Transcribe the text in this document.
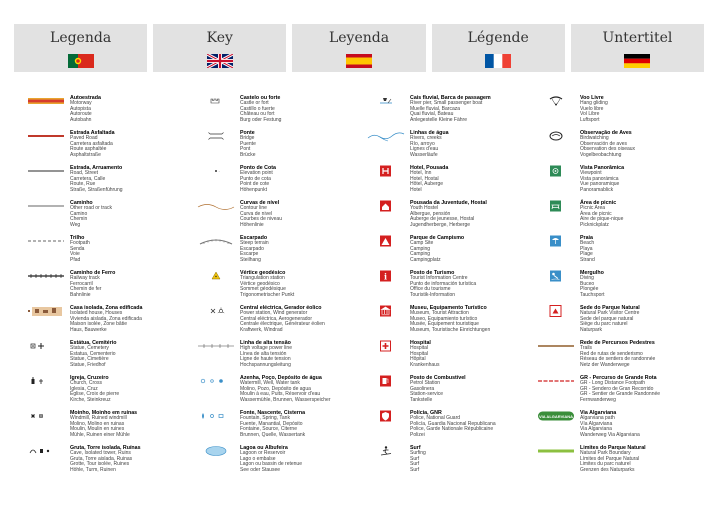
Legenda	Key	Leyenda	Légende	Untertitel
Autoestrada
Motorway
Autopista
Autoroute
Autobahn
Estrada Asfaltada
Paved Road
Carretera asfaltada
Route asphaltée
Asphaltstraße
Estrada, Arruamento
Road, Street
Carretera, Calle
Route, Rue
Straße, Straßenführung
Caminho
Other road or track
Camino
Chemin
Weg
Trilho
Footpath
Senda
Voie
Pfad
Caminho de Ferro
Railway track
Ferrocarril
Chemin de fer
Bahnlinie
Casa isolada, Zona edificada
Isolated house, Houses
Vivienda aislada, Zona edificada
Maison isolée, Zone bâtie
Haus, Bauwerke
Estátua, Cemitério
Statue, Cemetery
Estatua, Cementerio
Statue, Cimetière
Statue, Friedhof
Igreja, Cruzeiro
Church, Cross
Iglesia, Cruz
Église, Croix de pierre
Kirche, Steinkreuz
Moinho, Moinho em ruínas
Windmill, Ruined windmill
Molino, Molino en ruinas
Moulin, Moulin en ruines
Mühle, Ruinen einer Mühle
Gruta, Torre isolada, Ruínas
Cave, Isolated tower, Ruins
Gruta, Torre aislada, Ruinas
Grotte, Tour isolée, Ruines
Höhle, Turm, Ruinen
Castelo ou forte
Castle or fort
Castillo o fuerte
Château ou fort
Burg oder Festung
Ponte
Bridge
Puente
Pont
Brücke
·
Ponto de Cota
Elevation point
Punto de cota
Point de cote
Höhenpunkt
Curvas de nível
Contour line
Curva de nivel
Courbes de niveau
Höhenlinie
Escarpado
Steep terrain
Escarpado
Escarpe
Steilhang
Vértice geodésico
Triangulation station
Vértice geodésico
Sommet géodésique
Trigonometrischer Punkt
Central eléctrica, Gerador éolico
Power station, Wind generator
Central eléctrica, Aerogenerador
Centrale électrique, Générateur éolien
Kraftwerk, Windrad
Linha de alta tensão
High voltage power line
Línea de alta tensión
Ligne de haute tension
Hochspannungsleitung
Azenha, Poço, Depósito de água
Watermill, Well, Water tank
Molino, Pozo, Depósito de agua
Moulin à eau, Puits, Réservoir d'eau
Wassermühle, Brunnen, Wasserspeicher
Fonte, Nascente, Cisterna
Fountain, Spring, Tank
Fuente, Manantial, Depósito
Fontaine, Source, Citerne
Brunnen, Quelle, Wassertank
Lagoa ou Albufeira
Lagoon or Reservoir
Lago o embalse
Lagon ou bassin de retenue
See oder Stausee
Cais fluvial, Barca de passagem
River pier, Small passenger boat
Muelle fluvial, Barcaza
Quai fluvial, Bateau
Anlegestelle Kleine Fähre
Linhas de água
Rivers, creeks
Río, arroyo
Lignes d'eau
Wasserläufe
Hotel, Pousada
Hotel, Inn
Hotel, Hostal
Hôtel, Auberge
Hotel
Pousada da Juventude, Hostal
Youth Hostel
Albergue, pensión
Auberge de jeunesse, Hostal
Jugendherberge, Herberge
Parque de Campismo
Camp Site
Camping
Camping
Campingplatz
i	Posto de Turismo
Tourist Information Centre
Punto de información turística
Office du tourisme
Touristik-Information
Museu, Equipamento Turístico
Museum, Tourist Attraction
Museo, Equipamiento turístico
Musée, Équipement touristique
Museum, Touristische Einrichtungen
Hospital
Hospital
Hospital
Hôpital
Krankenhaus
Posto de Combustível
Petrol Station
Gasolinera
Station-service
Tankstelle
Polícia, GNR
Police, National Guard
Policía, Guardia Nacional Republicana
Police, Garde Nationale Républicaine
Polizei
Surf
Surfing
Surf
Surf
Surf
Voo Livre
Hang gliding
Vuelo libre
Vol Libre
Luftsport
Observação de Aves
Birdwatching
Observación de aves
Observation des oiseaux
Vogelbeobachtung
Vista Panorâmica
Viewpoint
Vista panorámica
Vue panoramique
Panoramablick
Área de picnic
Picnic Area
Área de picnic
Aire de pique-nique
Picknickplatz
Praia
Beach
Playa
Plage
Strand
Mergulho
Diving
Buceo
Plongée
Tauchsport
Sede do Parque Natural
Natural Park Visitor Centre
Sede del parque natural
Siège du parc naturel
Naturpark
Rede de Percursos Pedestres
Trails
Red de rutas de senderismo
Réseau de sentiers de randonnée
Netz der Wanderwege
GR - Percurso de Grande Rota
GR - Long Distance Footpath
GR - Sendero de Gran Recorrido
GR - Sentier de Grande Randonnée
Fernwanderweg
VIA ALGARVIANA
Via Algarviana
Algarviana path
Vía Algarviana
Via Algarviana
Wanderweg Via Algarviana
Limites do Parque Natural
Natural Park Boundary
Límites del Parque Natural
Limites du parc naturel
Grenzen des Naturparks
